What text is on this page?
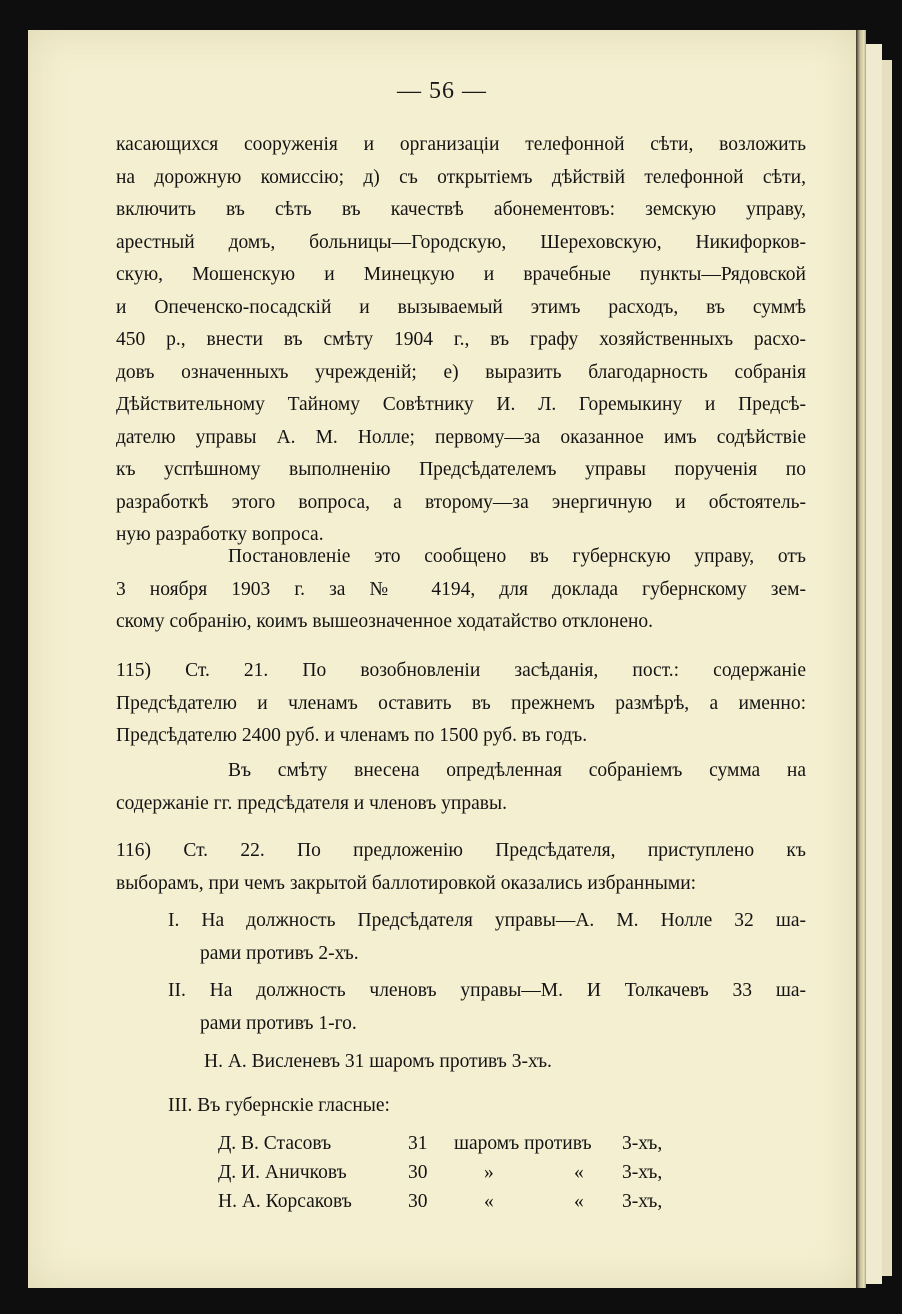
— 56 —
касающихся сооруженія и организаціи телефонной сѣти, возложить
на дорожную комиссію; д) съ открытіемъ дѣйствій телефонной сѣти,
включить въ сѣть въ качествѣ абонементовъ: земскую управу,
арестный домъ, больницы—Городскую, Шереховскую, Никифорков-
скую, Мошенскую и Минецкую и врачебные пункты—Рядовской
и Опеченско-посадскій и вызываемый этимъ расходъ, въ суммѣ
450 р., внести въ смѣту 1904 г., въ графу хозяйственныхъ расхо-
довъ означенныхъ учрежденій; е) выразить благодарность собранія
Дѣйствительному Тайному Совѣтнику И. Л. Горемыкину и Предсѣ-
дателю управы А. М. Нолле; первому—за оказанное имъ содѣйствіе
къ успѣшному выполненію Предсѣдателемъ управы порученія по
разработкѣ этого вопроса, а второму—за энергичную и обстоятель-
ную разработку вопроса.
Постановленіе это сообщено въ губернскую управу, отъ
3 ноября 1903 г. за № 4194, для доклада губернскому зем-
скому собранію, коимъ вышеозначенное ходатайство отклонено.
115) Ст. 21. По возобновленіи засѣданія, пост.: содержаніе
Предсѣдателю и членамъ оставить въ прежнемъ размѣрѣ, а именно:
Предсѣдателю 2400 руб. и членамъ по 1500 руб. въ годъ.
Въ смѣту внесена опредѣленная собраніемъ сумма на
содержаніе гг. предсѣдателя и членовъ управы.
116) Ст. 22. По предложенію Предсѣдателя, приступлено къ
выборамъ, при чемъ закрытой баллотировкой оказались избранными:
I. На должность Предсѣдателя управы—А. М. Нолле 32 ша-
рами противъ 2-хъ.
II. На должность членовъ управы—М. И Толкачевъ 33 ша-
рами противъ 1-го.
Н. А. Висленевъ 31 шаромъ противъ 3-хъ.
III. Въ губернскіе гласные:
Д. В. Стасовъ	31 шаромъ противъ 3-хъ,
Д. И. Аничковъ	30	»	« 3-хъ,
Н. А. Корсаковъ	30	«	« 3-хъ,
